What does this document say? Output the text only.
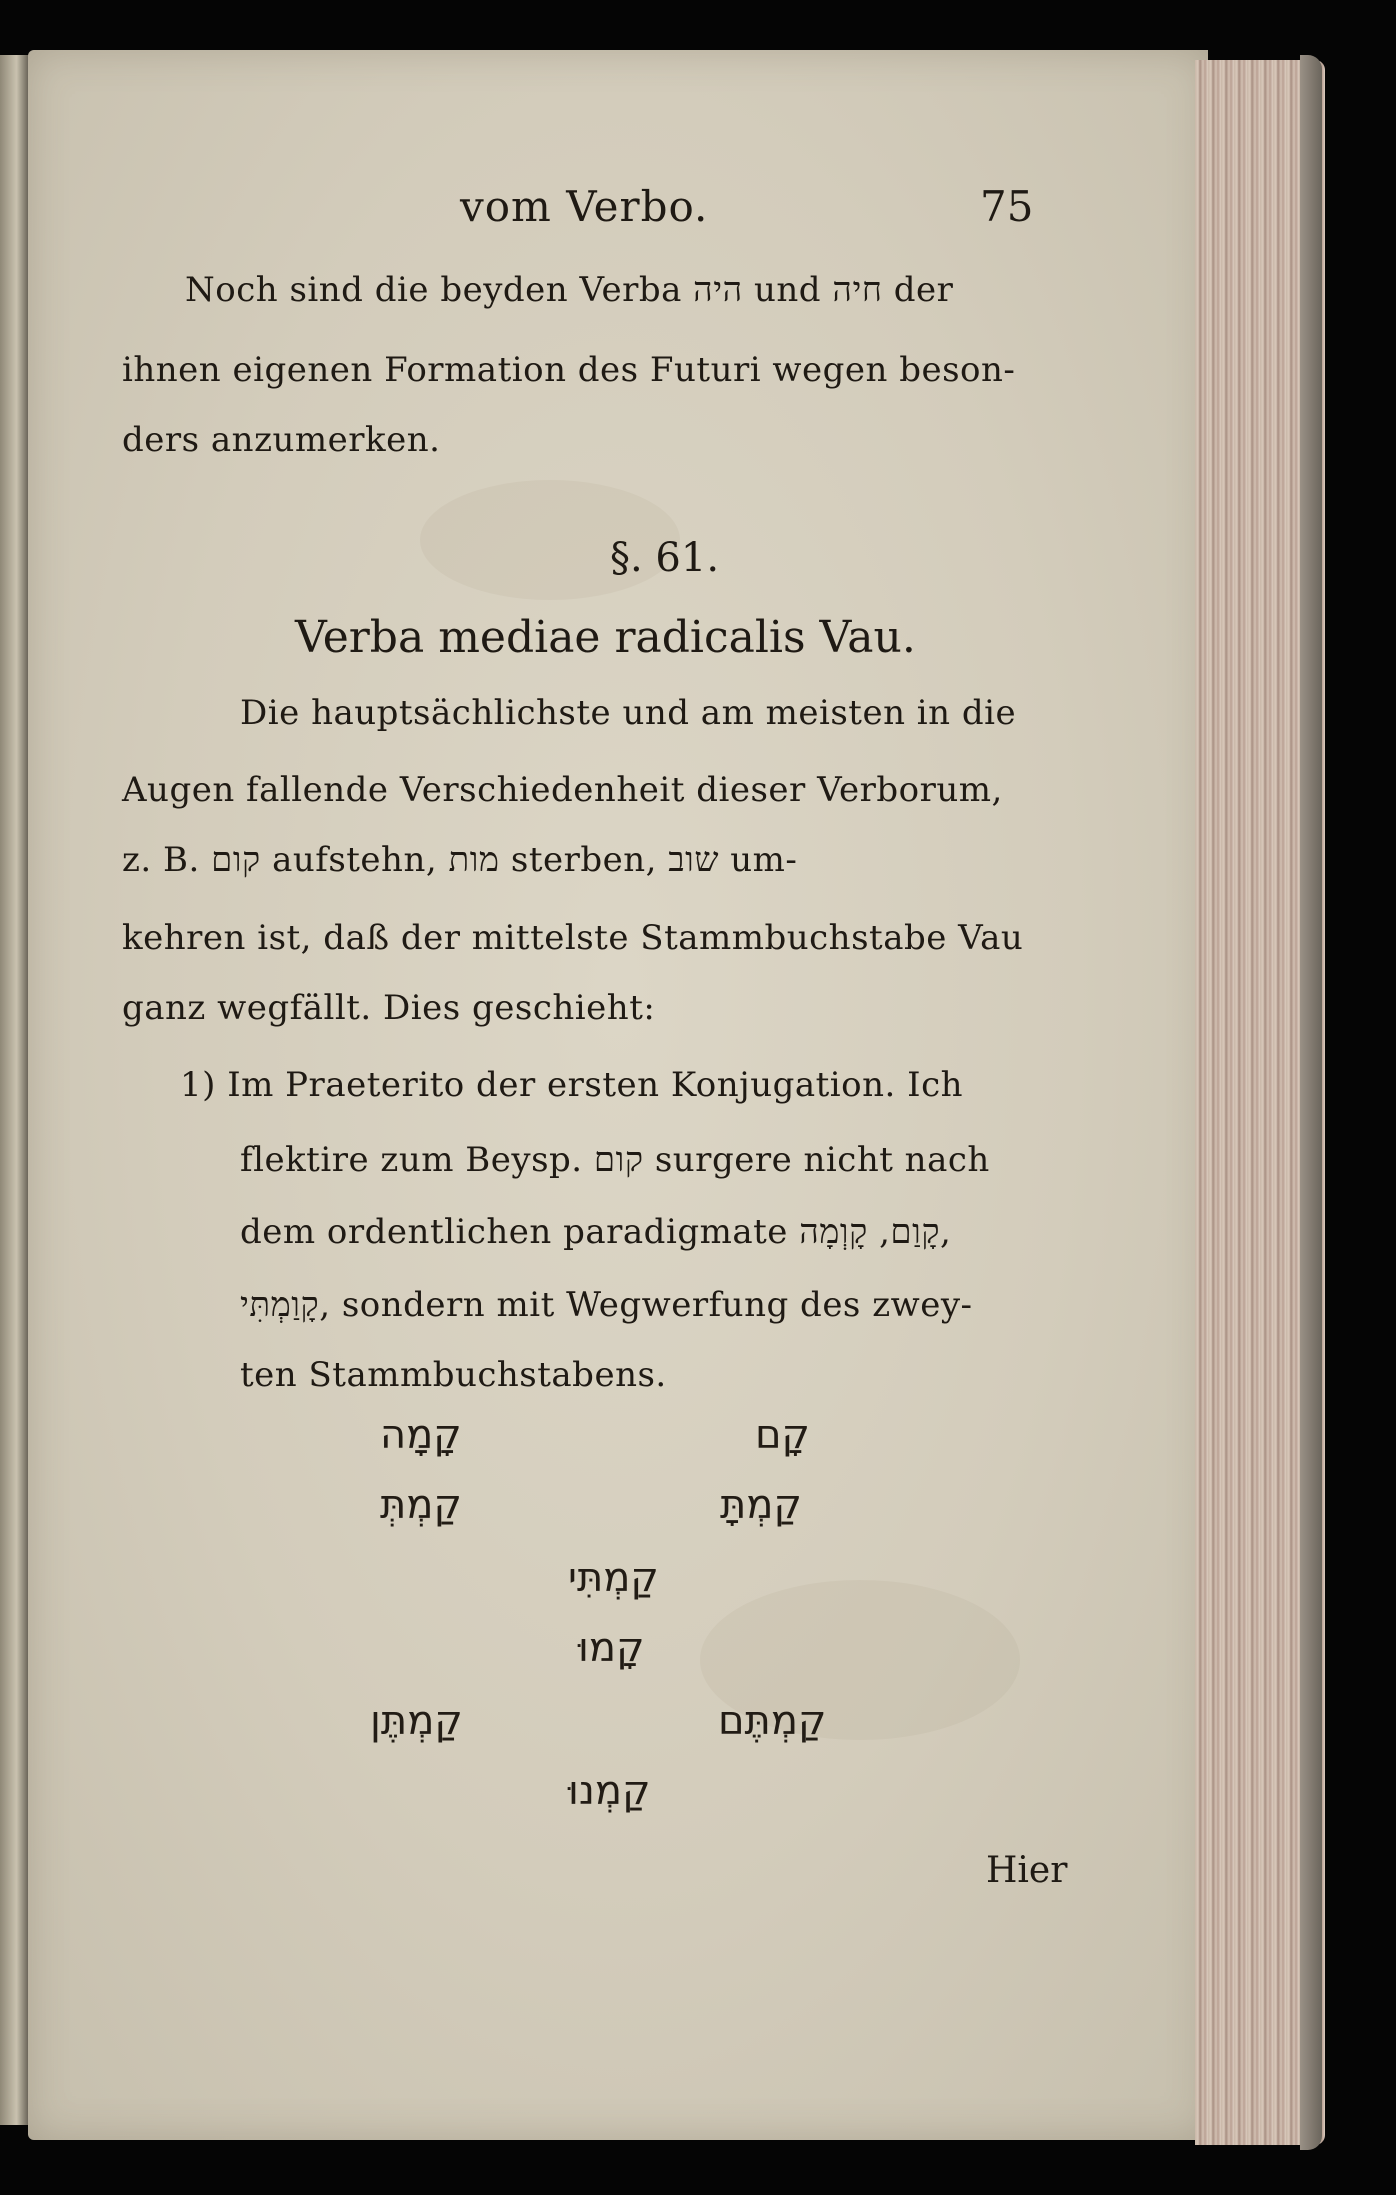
vom Verbo.	75
Noch sind die beyden Verba היה und חיה der
ihnen eigenen Formation des Futuri wegen beson-
ders anzumerken.
§. 61.
Verba mediae radicalis Vau.
Die hauptsächlichste und am meisten in die
Augen fallende Verschiedenheit dieser Verborum,
z. B. קום aufstehn, מות sterben, שוב um-
kehren ist, daß der mittelste Stammbuchstabe Vau
ganz wegfällt. Dies geschieht:
1) Im Praeterito der ersten Konjugation. Ich
flektire zum Beysp. קום surgere nicht nach
dem ordentlichen paradigmate קָוַם, קָוְמָה,
קָוַמְתִּי, sondern mit Wegwerfung des zwey-
ten Stammbuchstabens.
קָמָה	קָם
קַמְתְּ	קַמְתָּ
קַמְתִּי
קָמוּ
קַמְתֶּן	קַמְתֶּם
קַמְנוּ
Hier
